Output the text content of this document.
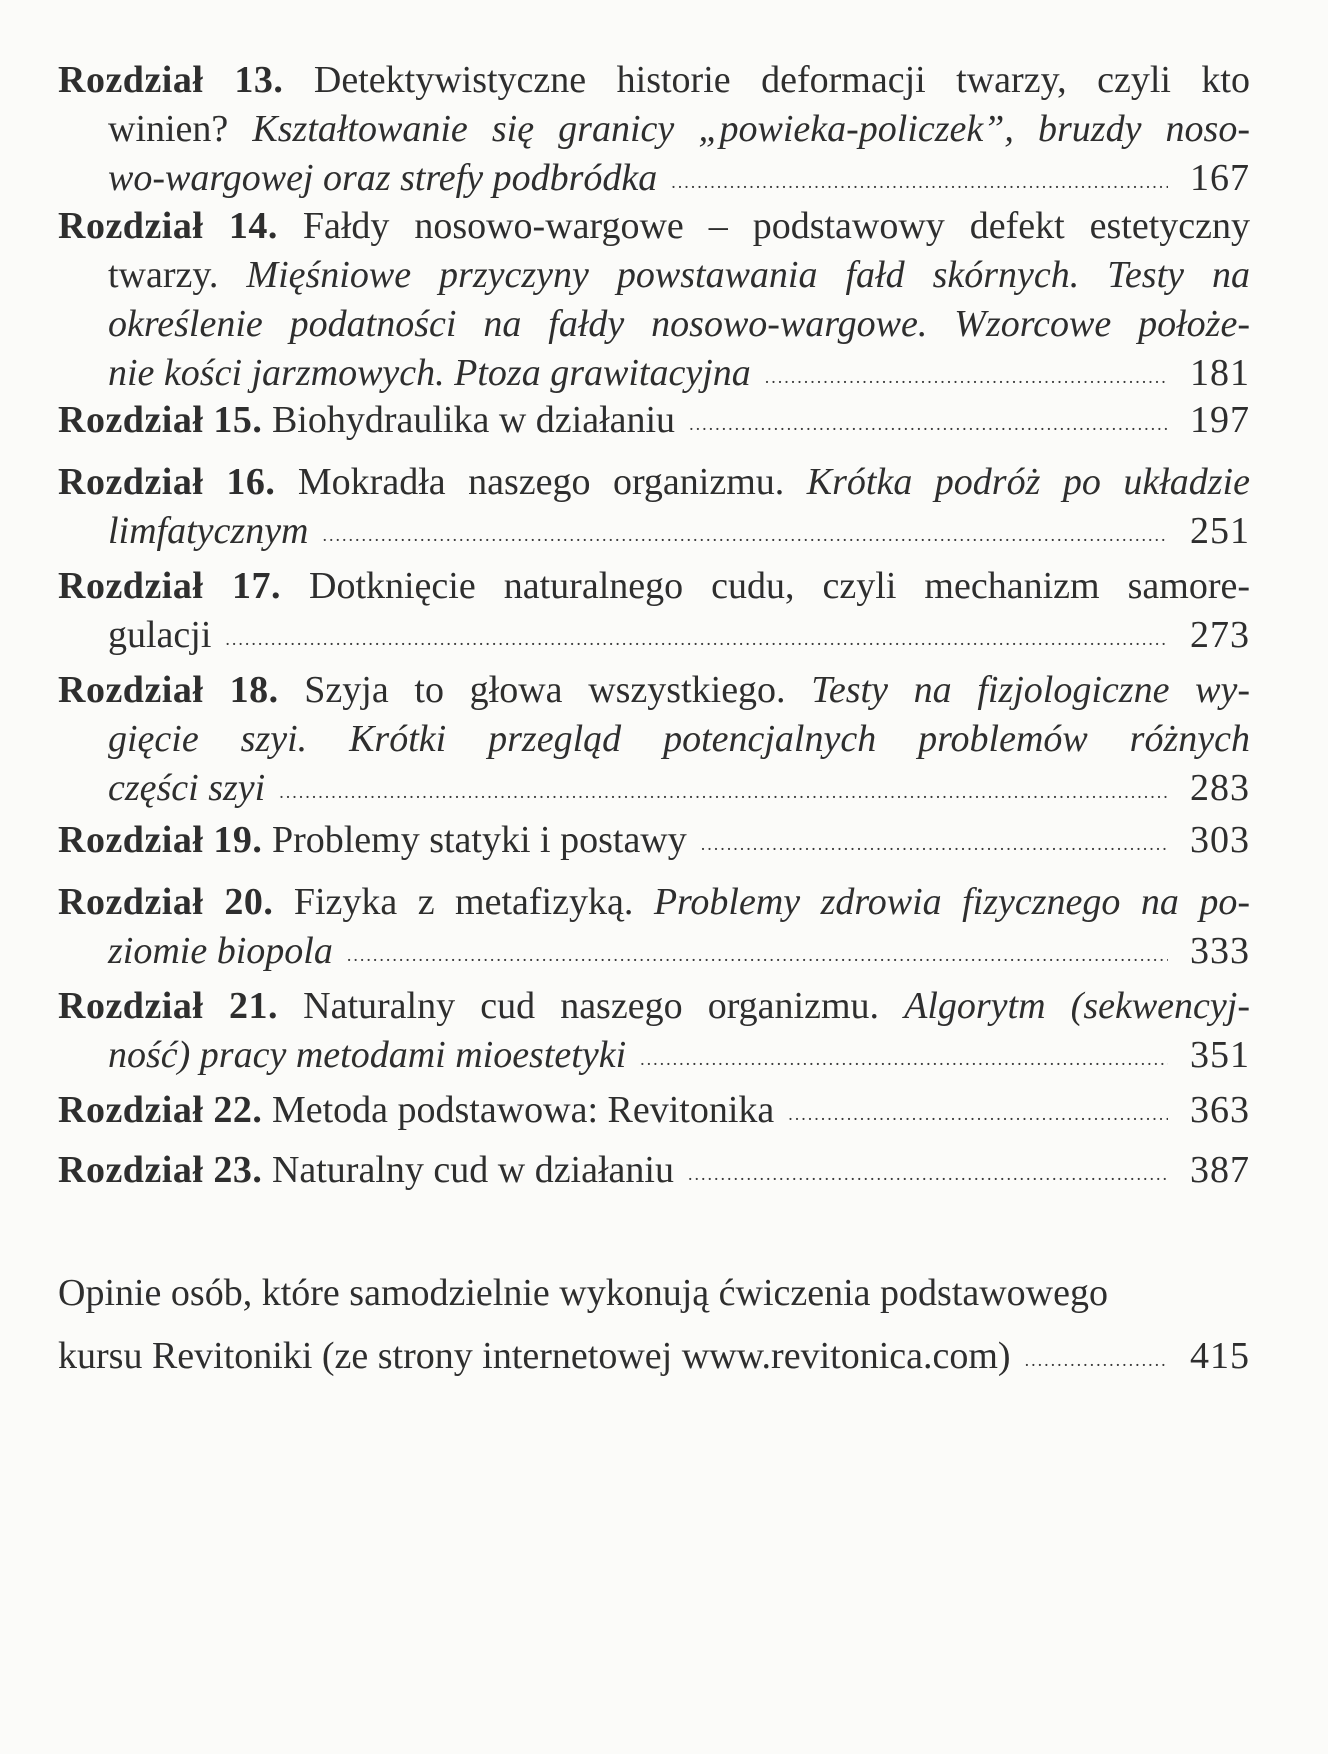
Rozdział 13. Detektywistyczne historie deformacji twarzy, czyli kto
winien? Kształtowanie się granicy „powieka-policzek”, bruzdy noso-
wo-wargowej oraz strefy podbródka .....	167
Rozdział 14. Fałdy nosowo-wargowe – podstawowy defekt estetyczny
twarzy. Mięśniowe przyczyny powstawania fałd skórnych. Testy na
określenie podatności na fałdy nosowo-wargowe. Wzorcowe położe-
nie kości jarzmowych. Ptoza grawitacyjna .....	181
Rozdział 15. Biohydraulika w działaniu .....	197
Rozdział 16. Mokradła naszego organizmu. Krótka podróż po układzie
limfatycznym .....	251
Rozdział 17. Dotknięcie naturalnego cudu, czyli mechanizm samore-
gulacji .....	273
Rozdział 18. Szyja to głowa wszystkiego. Testy na fizjologiczne wy-
gięcie szyi. Krótki przegląd potencjalnych problemów różnych
części szyi .....	283
Rozdział 19. Problemy statyki i postawy .....	303
Rozdział 20. Fizyka z metafizyką. Problemy zdrowia fizycznego na po-
ziomie biopola .....	333
Rozdział 21. Naturalny cud naszego organizmu. Algorytm (sekwencyj-
ność) pracy metodami mioestetyki .....	351
Rozdział 22. Metoda podstawowa: Revitonika .....	363
Rozdział 23. Naturalny cud w działaniu .....	387
Opinie osób, które samodzielnie wykonują ćwiczenia podstawowego
kursu Revitoniki (ze strony internetowej www.revitonica.com) .....	415
